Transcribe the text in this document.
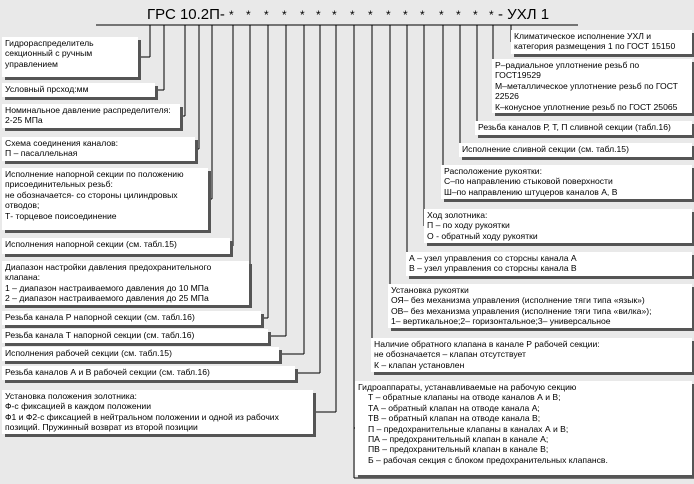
ГРС 10.2П- * * * * * * * * * * * * * * * * - УХЛ 1
Гидрораспределитель
секционный с ручным
управлением
Условный прсход:мм
Номинальное давление распределителя:
2-25 МПа
Схема соединения каналов:
П – пасаллельная
Исполнение напорной секции по положению
присоединительных резьб:
не обозначается- со стороны цилиндровых
отводов;
Т- торцевое поисоединение
Исполнения напорной секции (см. табл.15)
Диапазон настройки давления предохранительного
клапана:
1 – диапазон настраиваемого давления до 10 МПа
2 – диапазон настраиваемого давления до 25 МПа
Резьба канала Р напорной секции (см. табл.16)
Резьба канала Т напорной секции (см. табл.16)
Исполнения рабочей секции (см. табл.15)
Резьба каналов А и В рабочей секции (см. табл.16)
Установка положения золотника:
Ф-с фиксацией в каждом положении
Ф1 и Ф2-с фиксацией в нейтральном положении и одной из рабочих
позиций. Пружинный возврат из второй позиции
Климатическое исполнение УХЛ и
категория размещения 1 по ГОСТ 15150
Р–радиальное уплотнение резьб по
ГОСТ19529
М–металлическое уплотнение резьб по ГОСТ
22526
К–конусное уплотнение резьб по ГОСТ 25065
Резьба каналов Р, Т, П сливной секции (табл.16)
Исполнение сливной секции (см. табл.15)
Расположение рукоятки:
С–по направлению стыковой поверхности
Ш–по направлению штуцеров каналов А, В
Ход золотника:
П – по ходу рукоятки
О - обратный ходу рукоятки
А – узел управления со сторсны канала А
В – узел управления со сторсны канала В
Установка рукоятки
ОЯ– без механизма управления (исполнение тяги типа «язык»)
ОВ– без механизма управления (исполнение тяги типа «вилка»);
1– вертикальное;2– горизонтальное;3– универсальное
Наличие обратного клапана в канале Р рабочей секции:
не обозначается – клапан отсутствует
К – клапан установлен
Гидроаппараты, устанавливаемые на рабочую секцию
Т – обратные клапаны на отводе каналов А и В;
ТА – обратный клапан на отводе канала А;
ТВ – обратный клапан на отводе канала В;
П – предохранительные клапаны в каналах А и В;
ПА – предохранительный клапан в канале А;
ПВ – предохранительный клапан в канале В;
Б – рабочая секция с блоком предохранительных клапансв.
